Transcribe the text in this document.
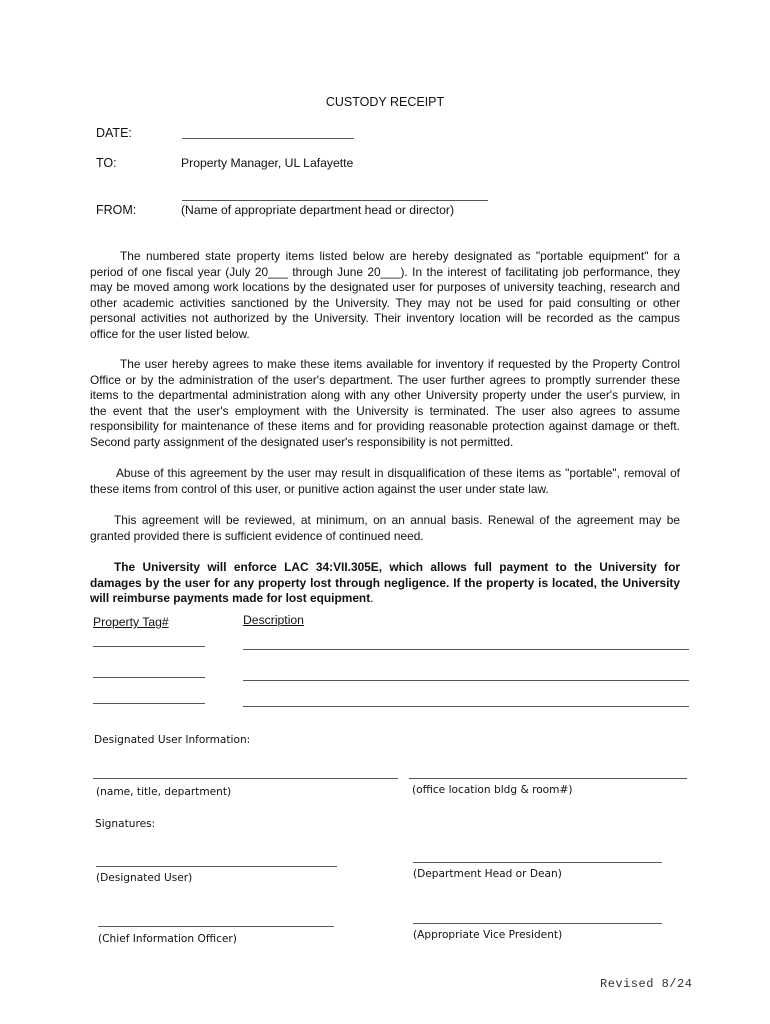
CUSTODY RECEIPT
DATE:
TO:	Property Manager, UL Lafayette
FROM:	(Name of appropriate department head or director)
The numbered state property items listed below are hereby designated as "portable equipment" for a period of one fiscal year (July 20___ through June 20___). In the interest of facilitating job performance, they may be moved among work locations by the designated user for purposes of university teaching, research and other academic activities sanctioned by the University. They may not be used for paid consulting or other personal activities not authorized by the University. Their inventory location will be recorded as the campus office for the user listed below.
The user hereby agrees to make these items available for inventory if requested by the Property Control Office or by the administration of the user's department. The user further agrees to promptly surrender these items to the departmental administration along with any other University property under the user's purview, in the event that the user's employment with the University is terminated. The user also agrees to assume responsibility for maintenance of these items and for providing reasonable protection against damage or theft. Second party assignment of the designated user's responsibility is not permitted.
Abuse of this agreement by the user may result in disqualification of these items as "portable", removal of these items from control of this user, or punitive action against the user under state law.
This agreement will be reviewed, at minimum, on an annual basis. Renewal of the agreement may be granted provided there is sufficient evidence of continued need.
The University will enforce LAC 34:VII.305E, which allows full payment to the University for damages by the user for any property lost through negligence. If the property is located, the University will reimburse payments made for lost equipment.
Property Tag#	Description
Designated User Information:
(name, title, department)	(office location bldg & room#)
Signatures:
(Designated User)	(Department Head or Dean)
(Chief Information Officer)	(Appropriate Vice President)
Revised 8/24
